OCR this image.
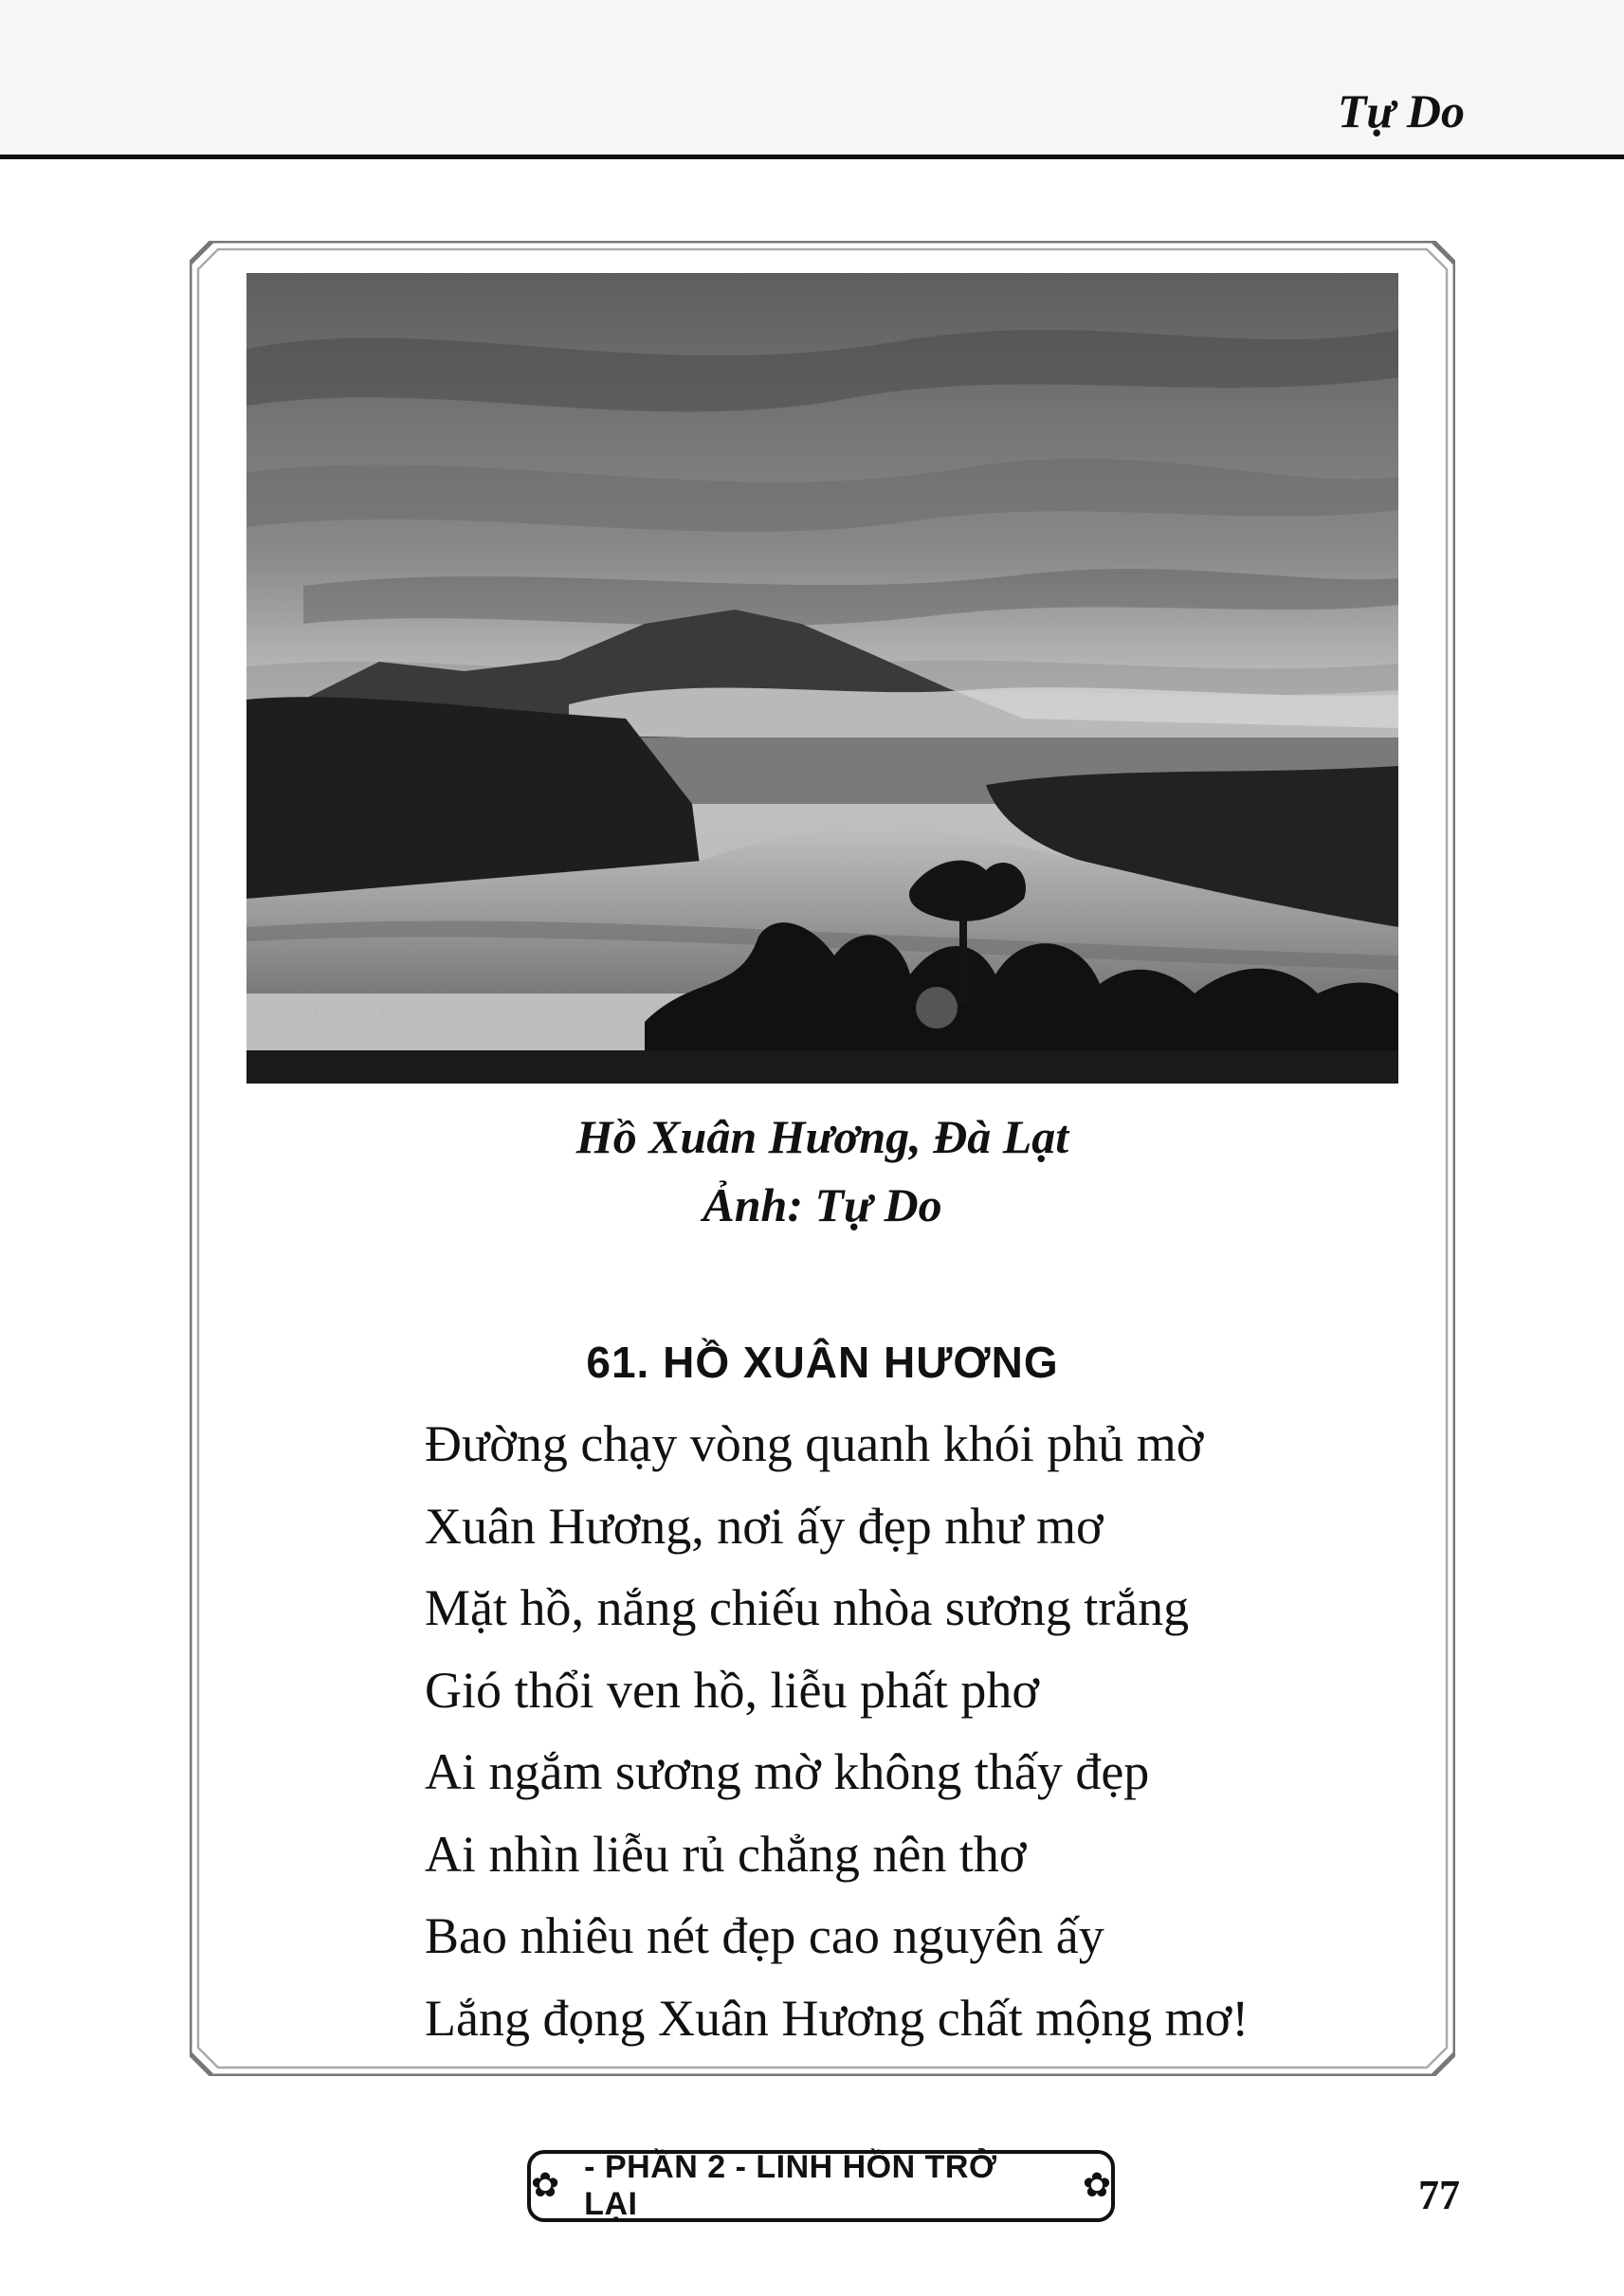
Tự Do
TỰ DO
Hồ Xuân Hương, Đà Lạt
Ảnh: Tự Do
61. HỒ XUÂN HƯƠNG
Đường chạy vòng quanh khói phủ mờ
Xuân Hương, nơi ấy đẹp như mơ
Mặt hồ, nắng chiếu nhòa sương trắng
Gió thổi ven hồ, liễu phất phơ
Ai ngắm sương mờ không thấy đẹp
Ai nhìn liễu rủ chẳng nên thơ
Bao nhiêu nét đẹp cao nguyên ấy
Lắng đọng Xuân Hương chất mộng mơ!
✿ - PHẦN 2 - LINH HỒN TRỞ LẠI	✿	77
